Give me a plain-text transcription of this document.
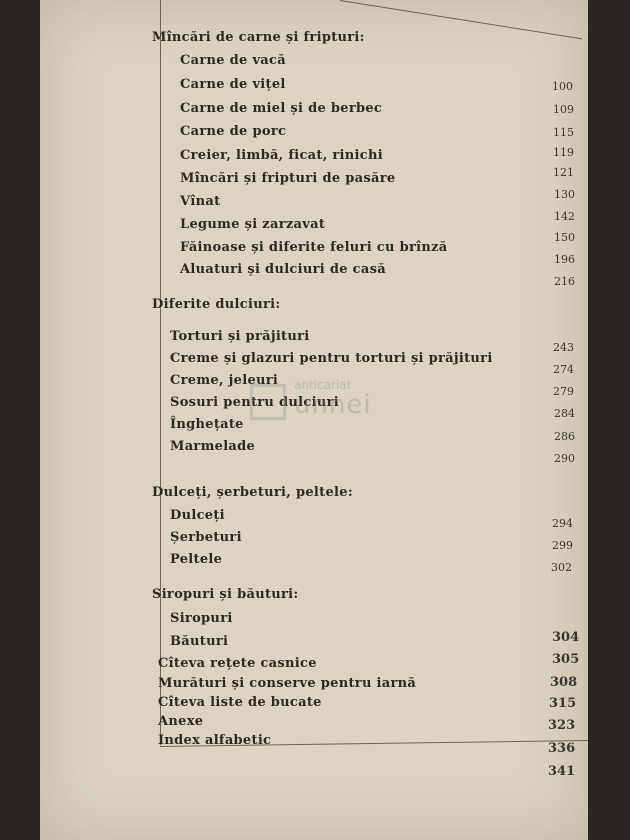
Mîncări de carne și fripturi:
Carne de vacă
Carne de vițel
Carne de miel și de berbec
Carne de porc
Creier, limbă, ficat, rinichi
Mîncări și fripturi de pasăre
Vînat
Legume și zarzavat
Făinoase și diferite feluri cu brînză
Aluaturi și dulciuri de casă
100
109
115
119
121
130
142
150
196
216
Diferite dulciuri:
Torturi și prăjituri
Creme și glazuri pentru torturi și prăjituri
Creme, jeleuri
Sosuri pentru dulciuri
Înghețate
Marmelade
243
274
279
284
286
290
Dulceți, șerbeturi, peltele:
Dulceți
Șerbeturi
Peltele
294
299
302
Siropuri și băuturi:
Siropuri
Băuturi	304
305
Cîteva rețete casnice
Murături și conserve pentru iarnă
Cîteva liste de bucate
Anexe
Index alfabetic
308
315
323
336
341
anticariat
unnei
